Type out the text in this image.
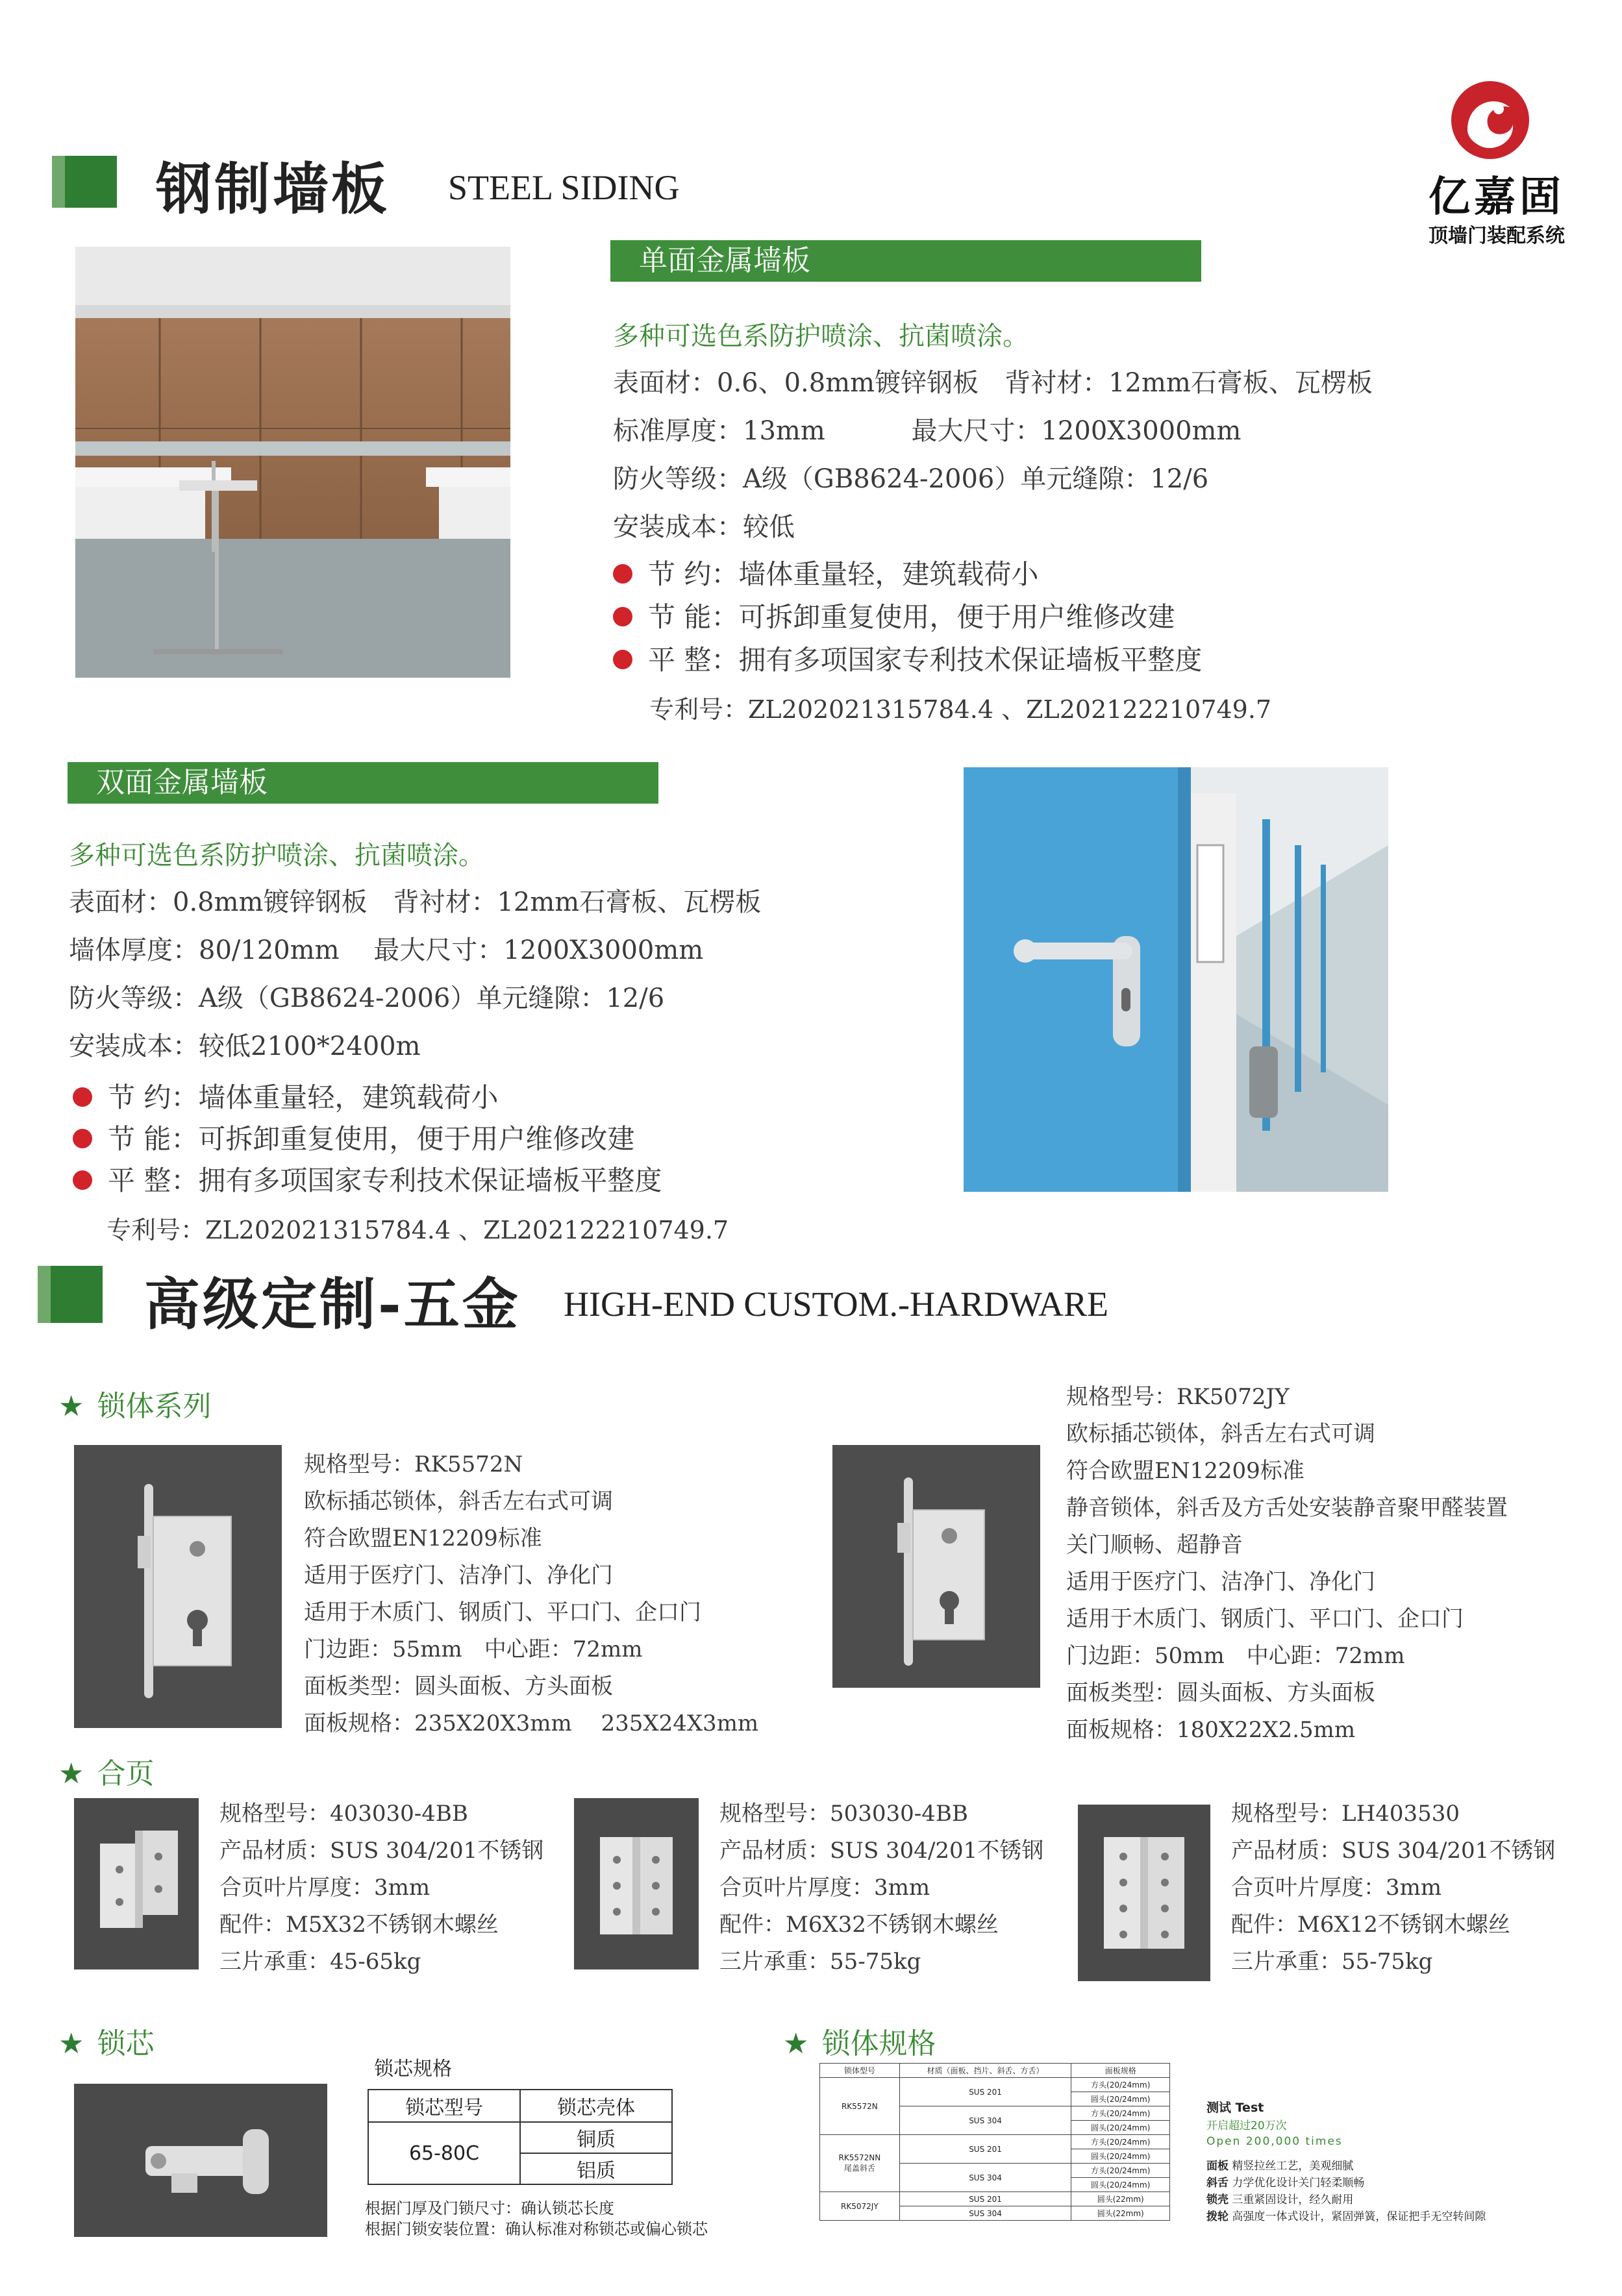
亿嘉固
顶墙门装配系统
钢制墙板 STEEL SIDING
单面金属墙板
多种可选色系防护喷涂、抗菌喷涂。
表面材：0.6、0.8mm镀锌钢板　背衬材：12mm石膏板、瓦楞板
标准厚度：13mm　　　 最大尺寸：1200X3000mm
防火等级：A级（GB8624-2006）单元缝隙：12/6
安装成本：较低
节 约：墙体重量轻，建筑载荷小
节 能：可拆卸重复使用，便于用户维修改建
平 整：拥有多项国家专利技术保证墙板平整度
专利号：ZL202021315784.4 、ZL202122210749.7
双面金属墙板
多种可选色系防护喷涂、抗菌喷涂。
表面材：0.8mm镀锌钢板　背衬材：12mm石膏板、瓦楞板
墙体厚度：80/120mm　 最大尺寸：1200X3000mm
防火等级：A级（GB8624-2006）单元缝隙：12/6
安装成本：较低2100*2400m
节 约：墙体重量轻，建筑载荷小
节 能：可拆卸重复使用，便于用户维修改建
平 整：拥有多项国家专利技术保证墙板平整度
专利号：ZL202021315784.4 、ZL202122210749.7
高级定制-五金 HIGH-END CUSTOM.-HARDWARE
★ 锁体系列
规格型号：RK5572N
欧标插芯锁体，斜舌左右式可调
符合欧盟EN12209标准
适用于医疗门、洁净门、净化门
适用于木质门、钢质门、平口门、企口门
门边距：55mm　中心距：72mm
面板类型：圆头面板、方头面板
面板规格：235X20X3mm　 235X24X3mm
规格型号：RK5072JY
欧标插芯锁体，斜舌左右式可调
符合欧盟EN12209标准
静音锁体，斜舌及方舌处安装静音聚甲醛装置
关门顺畅、超静音
适用于医疗门、洁净门、净化门
适用于木质门、钢质门、平口门、企口门
门边距：50mm　中心距：72mm
面板类型：圆头面板、方头面板
面板规格：180X22X2.5mm
★ 合页
规格型号：403030-4BB
产品材质：SUS 304/201不锈钢
合页叶片厚度：3mm
配件：M5X32不锈钢木螺丝
三片承重：45-65kg
规格型号：503030-4BB
产品材质：SUS 304/201不锈钢
合页叶片厚度：3mm
配件：M6X32不锈钢木螺丝
三片承重：55-75kg
规格型号：LH403530
产品材质：SUS 304/201不锈钢
合页叶片厚度：3mm
配件：M6X12不锈钢木螺丝
三片承重：55-75kg
★ 锁芯
锁芯规格
锁芯型号	锁芯壳体
65-80C	铜质
	铝质
根据门厚及门锁尺寸：确认锁芯长度
根据门锁安装位置：确认标准对称锁芯或偏心锁芯
★ 锁体规格
锁体型号	材质（面板、挡片、斜舌、方舌）	面板规格
RK5572N	SUS 201	方头(20/24mm)
		圆头(20/24mm)
	SUS 304	方头(20/24mm)
		圆头(20/24mm)
RK5572NN
尾盖斜舌	SUS 201	方头(20/24mm)
		圆头(20/24mm)
	SUS 304	方头(20/24mm)
		圆头(20/24mm)
RK5072JY	SUS 201	圆头(22mm)
	SUS 304	圆头(22mm)
测试 Test
开启超过20万次
Open 200,000 times
面板 精竖拉丝工艺，美观细腻
斜舌 力学优化设计关门轻柔顺畅
锁壳 三重紧固设计，经久耐用
拨轮 高强度一体式设计，紧固弹簧，保证把手无空转间隙
